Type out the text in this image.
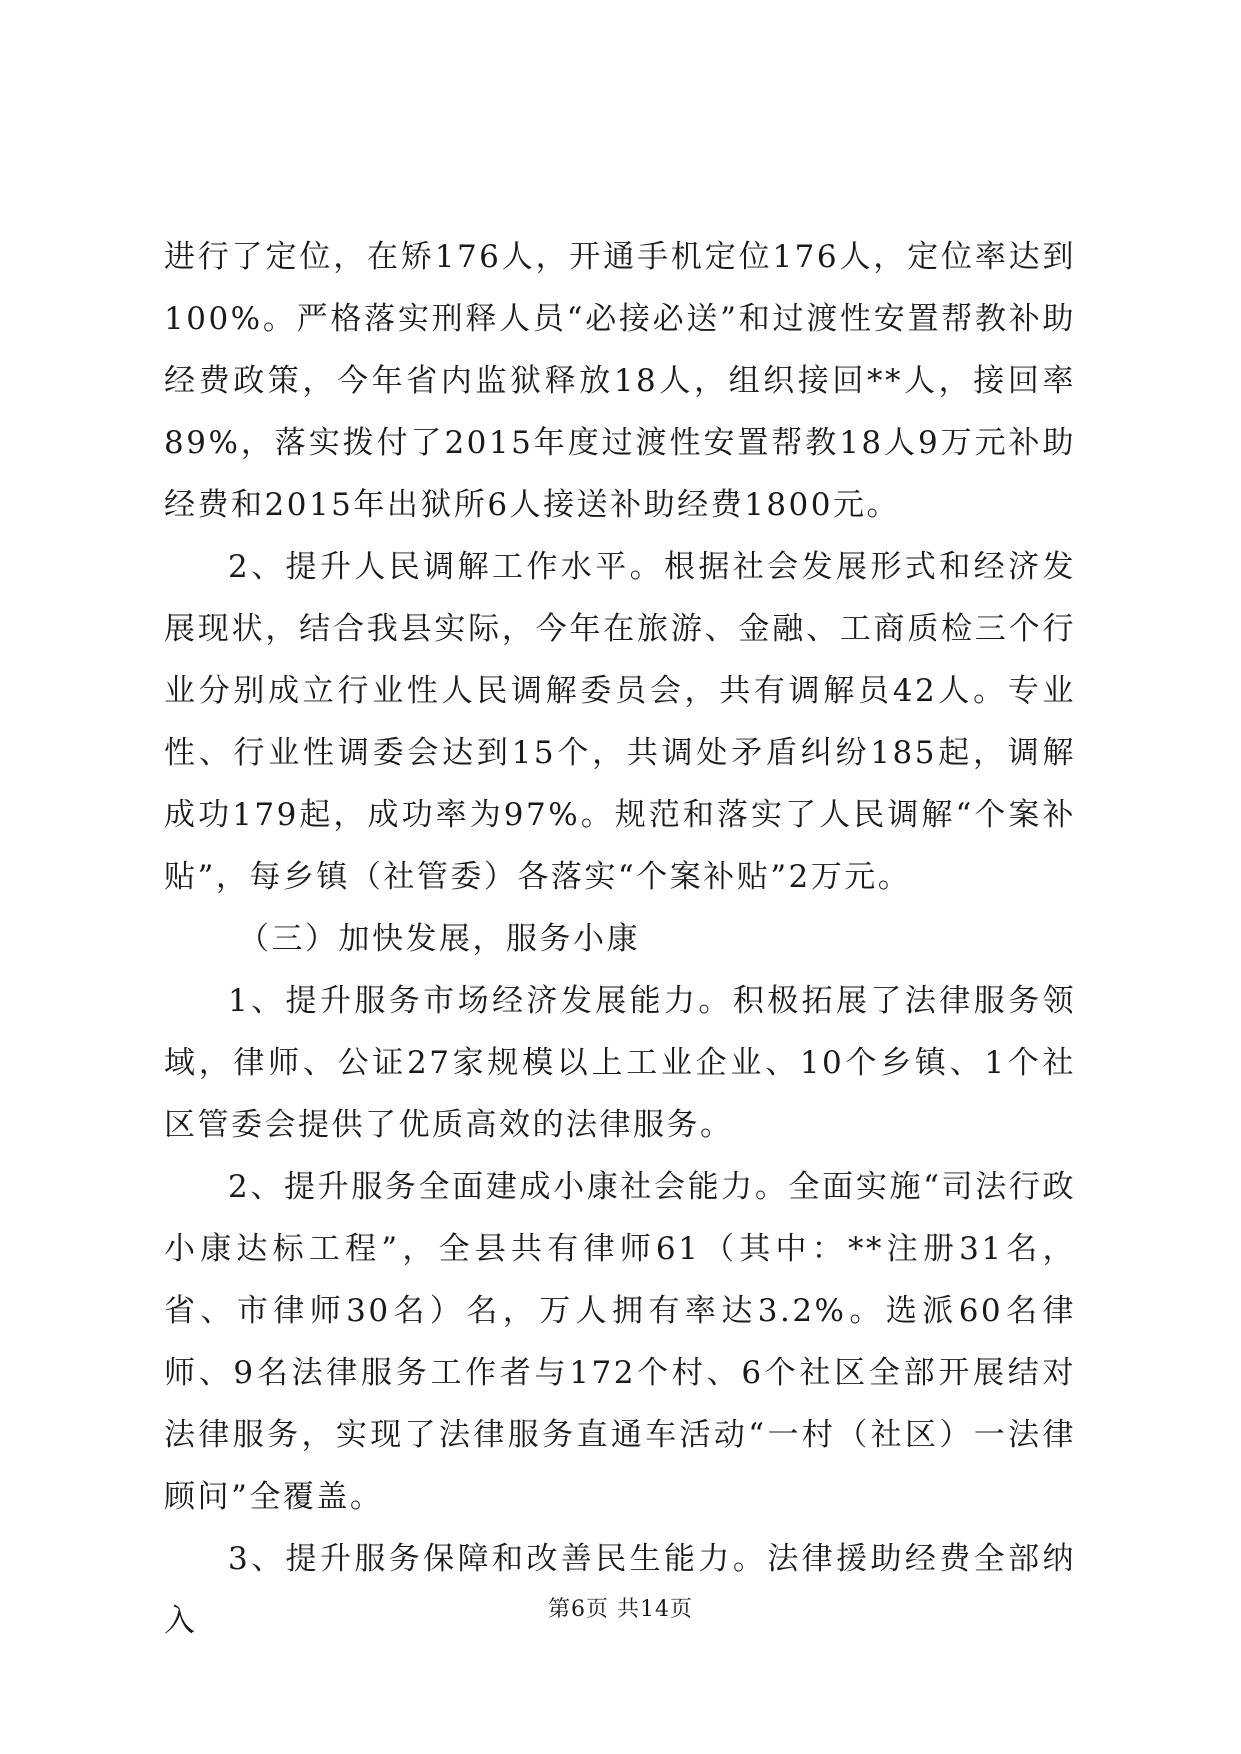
进行了定位，在矫176人，开通手机定位176人，定位率达到100%。严格落实刑释人员“必接必送”和过渡性安置帮教补助经费政策，今年省内监狱释放18人，组织接回**人，接回率89%，落实拨付了2015年度过渡性安置帮教18人9万元补助经费和2015年出狱所6人接送补助经费1800元。

2、提升人民调解工作水平。根据社会发展形式和经济发展现状，结合我县实际，今年在旅游、金融、工商质检三个行业分别成立行业性人民调解委员会，共有调解员42人。专业性、行业性调委会达到15个，共调处矛盾纠纷185起，调解成功179起，成功率为97%。规范和落实了人民调解“个案补贴”，每乡镇（社管委）各落实“个案补贴”2万元。

（三）加快发展，服务小康

1、提升服务市场经济发展能力。积极拓展了法律服务领域，律师、公证27家规模以上工业企业、10个乡镇、1个社区管委会提供了优质高效的法律服务。

2、提升服务全面建成小康社会能力。全面实施“司法行政小康达标工程”，全县共有律师61（其中：**注册31名，省、市律师30名）名，万人拥有率达3.2%。选派60名律师、9名法律服务工作者与172个村、6个社区全部开展结对法律服务，实现了法律服务直通车活动“一村（社区）一法律顾问”全覆盖。

3、提升服务保障和改善民生能力。法律援助经费全部纳入	第6页 共14页
